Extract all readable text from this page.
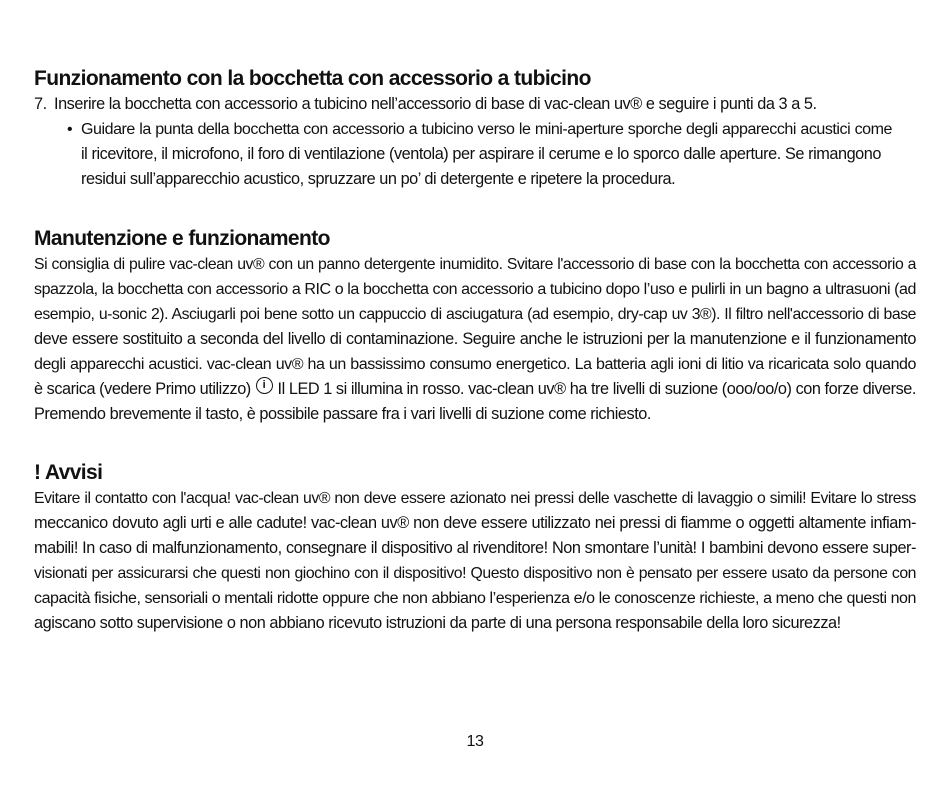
Funzionamento con la bocchetta con accessorio a tubicino
7. Inserire la bocchetta con accessorio a tubicino nell’accessorio di base di vac-clean uv® e seguire i punti da 3 a 5.
• Guidare la punta della bocchetta con accessorio a tubicino verso le mini-aperture sporche degli apparecchi acustici come
il ricevitore, il microfono, il foro di ventilazione (ventola) per aspirare il cerume e lo sporco dalle aperture. Se rimangono
residui sull’apparecchio acustico, spruzzare un po’ di detergente e ripetere la procedura.
Manutenzione e funzionamento
Si consiglia di pulire vac-clean uv® con un panno detergente inumidito. Svitare l'accessorio di base con la bocchetta con accessorio a
spazzola, la bocchetta con accessorio a RIC o la bocchetta con accessorio a tubicino dopo l’uso e pulirli in un bagno a ultrasuoni (ad
esempio, u-sonic 2). Asciugarli poi bene sotto un cappuccio di asciugatura (ad esempio, dry-cap uv 3®). Il filtro nell'accessorio di base
deve essere sostituito a seconda del livello di contaminazione. Seguire anche le istruzioni per la manutenzione e il funzionamento
degli apparecchi acustici. vac-clean uv® ha un bassissimo consumo energetico. La batteria agli ioni di litio va ricaricata solo quando
è scarica (vedere Primo utilizzo)	i Il LED 1 si illumina in rosso. vac-clean uv® ha tre livelli di suzione (ooo/oo/o) con forze diverse.
Premendo brevemente il tasto, è possibile passare fra i vari livelli di suzione come richiesto.
! Avvisi
Evitare il contatto con l'acqua! vac-clean uv® non deve essere azionato nei pressi delle vaschette di lavaggio o simili! Evitare lo stress
meccanico dovuto agli urti e alle cadute! vac-clean uv® non deve essere utilizzato nei pressi di fiamme o oggetti altamente infiam-
mabili! In caso di malfunzionamento, consegnare il dispositivo al rivenditore! Non smontare l’unità! I bambini devono essere super-
visionati per assicurarsi che questi non giochino con il dispositivo! Questo dispositivo non è pensato per essere usato da persone con
capacità fisiche, sensoriali o mentali ridotte oppure che non abbiano l’esperienza e/o le conoscenze richieste, a meno che questi non
agiscano sotto supervisione o non abbiano ricevuto istruzioni da parte di una persona responsabile della loro sicurezza!
13
